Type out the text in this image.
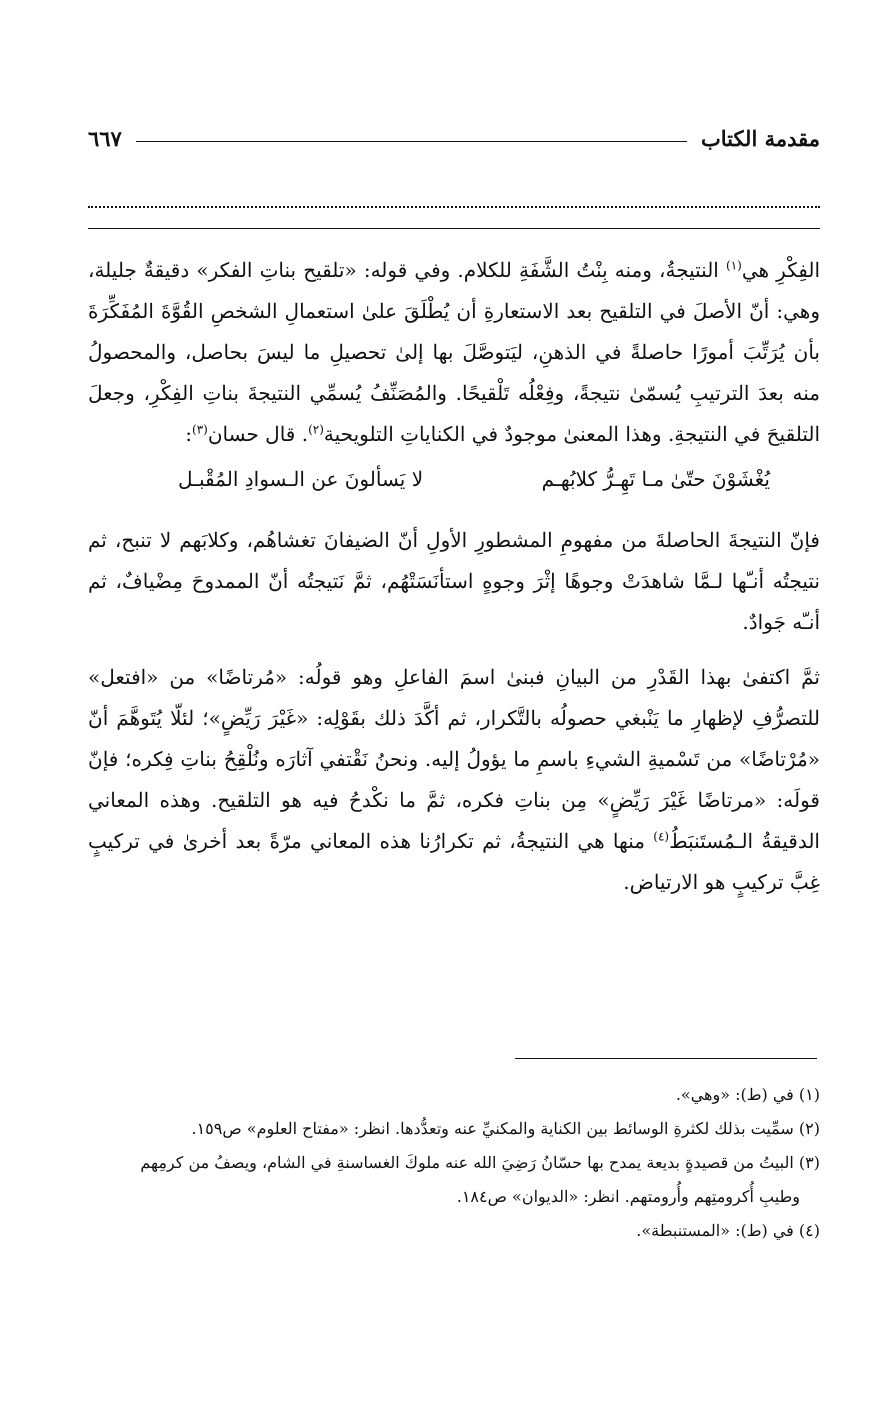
مقدمة الكتاب
٦٦٧

الفِكْرِ هي$^{(١)}$ النتيجةُ، ومنه بِنْتُ الشَّفَةِ للكلام. وفي قوله: «تلقيح بناتِ الفكر» دقيقةٌ جليلة، وهي: أنّ الأصلَ في التلقيح بعد الاستعارةِ أن يُطْلَقَ علىٰ استعمالِ الشخصِ القُوَّةَ المُفَكِّرَةَ بأن يُرَتِّبَ أمورًا حاصلةً في الذهنِ، ليَتوصَّلَ بها إلىٰ تحصيلِ ما ليسَ بحاصل، والمحصولُ منه بعدَ الترتيبِ يُسمّىٰ نتيجةً، وفِعْلُه تَلْقيحًا. والمُصَنِّفُ يُسمِّي النتيجةَ بناتِ الفِكْرِ، وجعلَ التلقيحَ في النتيجةِ. وهذا المعنىٰ موجودٌ في الكناياتِ التلويحية$^{(٢)}$. قال حسان$^{(٣)}$:

يُغْشَوْنَ حتّىٰ مـا تَهِـرُّ كلابُهـم
لا يَسألونَ عن الـسوادِ المُقْبـل

فإنّ النتيجةَ الحاصلةَ من مفهومِ المشطورِ الأولِ أنّ الضيفانَ تغشاهُم، وكلابَهم لا تنبح، ثم نتيجتُه أنـّها لـمَّا شاهدَتْ وجوهًا إثْرَ وجوهٍ استأنَسَتْهُم، ثمَّ نَتيجتُه أنّ الممدوحَ مِضْيافٌ، ثم أنـّه جَوادٌ.

ثمَّ اكتفىٰ بهذا القَدْرِ من البيانِ فبنىٰ اسمَ الفاعلِ وهو قولُه: «مُرتاضًا» من «افتعل» للتصرُّفِ لإظهارِ ما يَنْبغي حصولُه بالتَّكرار، ثم أكَّدَ ذلك بقَوْلِه: «غَيْرَ رَيِّضٍ»؛ لئلّا يُتَوهَّمَ أنّ «مُرْتاضًا» من تَسْميةِ الشيءِ باسمِ ما يؤولُ إليه. ونحنُ نَقْتفي آثارَه ونُلْقِحُ بناتِ فِكره؛ فإنّ قولَه: «مرتاضًا غَيْرَ رَيِّضٍ» مِن بناتِ فكره، ثمَّ ما نكْدحُ فيه هو التلقيح. وهذه المعاني الدقيقةُ الـمُستَنبَطُ$^{(٤)}$ منها هي النتيجةُ، ثم تكرارُنا هذه المعاني مرّةً بعد أخرىٰ في تركيبٍ غِبَّ تركيبٍ هو الارتياض.

(١) في (ط): «وهي».

(٢) سمِّيت بذلك لكثرةِ الوسائط بين الكناية والمكنيِّ عنه وتعدُّدها. انظر: «مفتاح العلوم» ص١٥٩.

(٣) البيتُ من قصيدةٍ بديعة يمدح بها حسّانُ رَضِيَ الله عنه ملوكَ الغساسنةِ في الشام، ويصفُ من كرمِهم

وطيبِ أُكرومتِهم وأُرومتهم. انظر: «الديوان» ص١٨٤.

(٤) في (ط): «المستنبطة».
